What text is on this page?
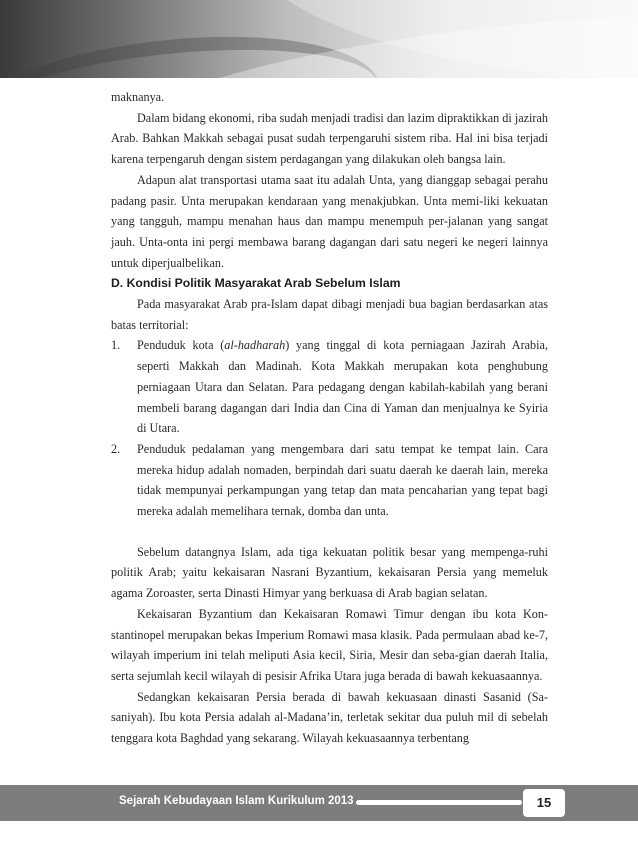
maknanya.

Dalam bidang ekonomi, riba sudah menjadi tradisi dan lazim dipraktikkan di jazirah Arab. Bahkan Makkah sebagai pusat sudah terpengaruhi sistem riba. Hal ini bisa terjadi karena terpengaruh dengan sistem perdagangan yang dilakukan oleh bangsa lain.

Adapun alat transportasi utama saat itu adalah Unta, yang dianggap sebagai perahu padang pasir. Unta merupakan kendaraan yang menakjubkan. Unta memi-liki kekuatan yang tangguh, mampu menahan haus dan mampu menempuh per-jalanan yang sangat jauh. Unta-onta ini pergi membawa barang dagangan dari satu negeri ke negeri lainnya untuk diperjualbelikan.

D. Kondisi Politik Masyarakat Arab Sebelum Islam

Pada masyarakat Arab pra-Islam dapat dibagi menjadi bua bagian berdasarkan atas batas territorial:

1. Penduduk kota (al-hadharah) yang tinggal di kota perniagaan Jazirah Arabia, seperti Makkah dan Madinah. Kota Makkah merupakan kota penghubung perniagaan Utara dan Selatan. Para pedagang dengan kabilah-kabilah yang berani membeli barang dagangan dari India dan Cina di Yaman dan menjualnya ke Syiria di Utara.
2. Penduduk pedalaman yang mengembara dari satu tempat ke tempat lain. Cara mereka hidup adalah nomaden, berpindah dari suatu daerah ke daerah lain, mereka tidak mempunyai perkampungan yang tetap dan mata pencaharian yang tepat bagi mereka adalah memelihara ternak, domba dan unta.

Sebelum datangnya Islam, ada tiga kekuatan politik besar yang mempenga-ruhi politik Arab; yaitu kekaisaran Nasrani Byzantium, kekaisaran Persia yang memeluk agama Zoroaster, serta Dinasti Himyar yang berkuasa di Arab bagian selatan.

Kekaisaran Byzantium dan Kekaisaran Romawi Timur dengan ibu kota Kon-stantinopel merupakan bekas Imperium Romawi masa klasik. Pada permulaan abad ke-7, wilayah imperium ini telah meliputi Asia kecil, Siria, Mesir dan seba-gian daerah Italia, serta sejumlah kecil wilayah di pesisir Afrika Utara juga berada di bawah kekuasaannya.

Sedangkan kekaisaran Persia berada di bawah kekuasaan dinasti Sasanid (Sa-saniyah). Ibu kota Persia adalah al-Madana’in, terletak sekitar dua puluh mil di sebelah tenggara kota Baghdad yang sekarang. Wilayah kekuasaannya terbentang

Sejarah Kebudayaan Islam Kurikulum 2013	15
